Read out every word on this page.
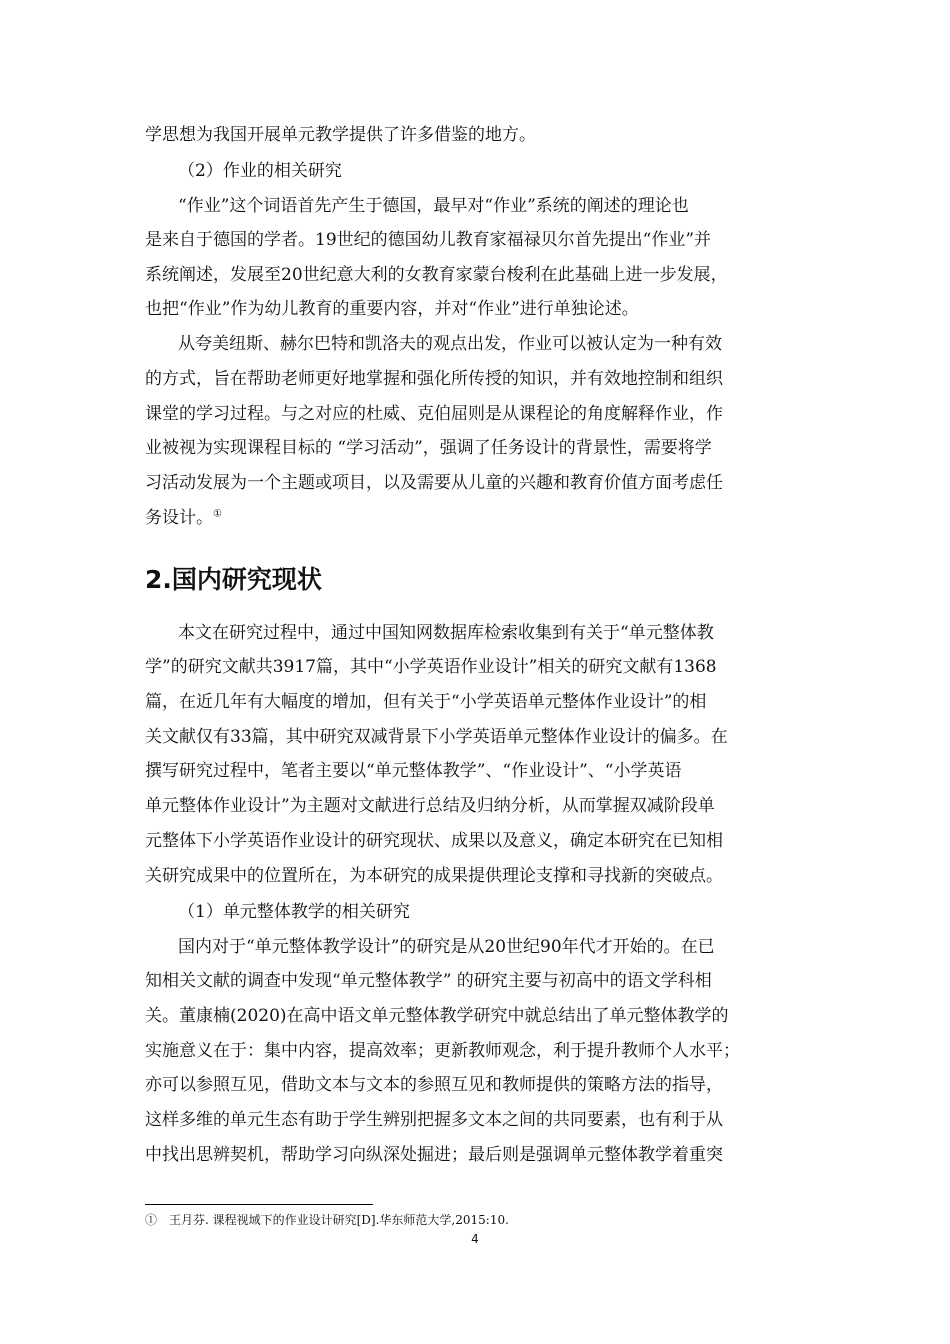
学思想为我国开展单元教学提供了许多借鉴的地方。
（2）作业的相关研究
“作业”这个词语首先产生于德国，最早对“作业”系统的阐述的理论也
是来自于德国的学者。19世纪的德国幼儿教育家福禄贝尔首先提出“作业”并
系统阐述，发展至20世纪意大利的女教育家蒙台梭利在此基础上进一步发展，
也把“作业”作为幼儿教育的重要内容，并对“作业”进行单独论述。
从夸美纽斯、赫尔巴特和凯洛夫的观点出发，作业可以被认定为一种有效
的方式，旨在帮助老师更好地掌握和强化所传授的知识，并有效地控制和组织
课堂的学习过程。与之对应的杜威、克伯屈则是从课程论的角度解释作业，作
业被视为实现课程目标的 “学习活动”，强调了任务设计的背景性，需要将学
习活动发展为一个主题或项目，以及需要从儿童的兴趣和教育价值方面考虑任
务设计。①
2.国内研究现状
本文在研究过程中，通过中国知网数据库检索收集到有关于“单元整体教
学”的研究文献共3917篇，其中“小学英语作业设计”相关的研究文献有1368
篇，在近几年有大幅度的增加，但有关于“小学英语单元整体作业设计”的相
关文献仅有33篇，其中研究双减背景下小学英语单元整体作业设计的偏多。在
撰写研究过程中，笔者主要以“单元整体教学”、“作业设计”、“小学英语
单元整体作业设计”为主题对文献进行总结及归纳分析，从而掌握双减阶段单
元整体下小学英语作业设计的研究现状、成果以及意义，确定本研究在已知相
关研究成果中的位置所在，为本研究的成果提供理论支撑和寻找新的突破点。
（1）单元整体教学的相关研究
国内对于“单元整体教学设计”的研究是从20世纪90年代才开始的。在已
知相关文献的调查中发现“单元整体教学” 的研究主要与初高中的语文学科相
关。董康楠(2020)在高中语文单元整体教学研究中就总结出了单元整体教学的
实施意义在于：集中内容，提高效率；更新教师观念，利于提升教师个人水平；
亦可以参照互见，借助文本与文本的参照互见和教师提供的策略方法的指导，
这样多维的单元生态有助于学生辨别把握多文本之间的共同要素，也有利于从
中找出思辨契机，帮助学习向纵深处掘进；最后则是强调单元整体教学着重突
①　王月芬. 课程视域下的作业设计研究[D].华东师范大学,2015:10.
4
